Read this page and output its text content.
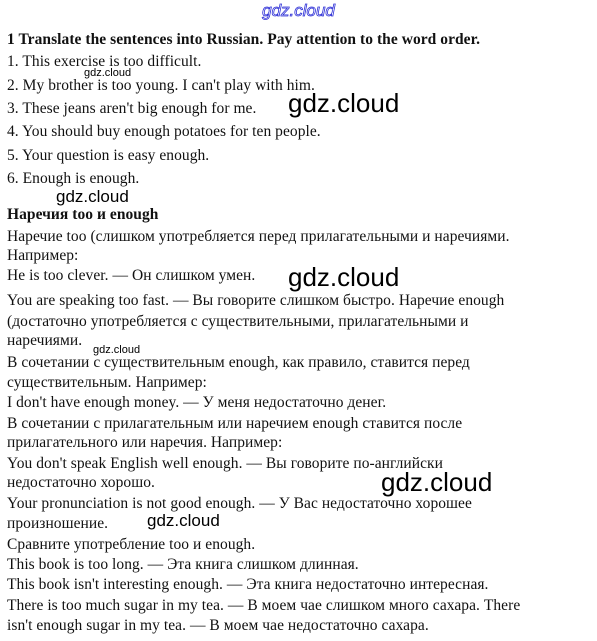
gdz.cloud
1 Translate the sentences into Russian. Pay attention to the word order.
1. This exercise is too difficult.
2. My brother is too young. I can't play with him.
3. These jeans aren't big enough for me.
4. You should buy enough potatoes for ten people.
5. Your question is easy enough.
6. Enough is enough.
Наречия too и enough
Наречие too (слишком употребляется перед прилагательными и наречиями.
Например:
He is too clever. — Он слишком умен.
You are speaking too fast. — Вы говорите слишком быстро. Наречие enough
(достаточно употребляется с существительными, прилагательными и
наречиями.
В сочетании с существительным enough, как правило, ставится перед
существительным. Например:
I don't have enough money. — У меня недостаточно денег.
В сочетании с прилагательным или наречием enough ставится после
прилагательного или наречия. Например:
You don't speak English well enough. — Вы говорите по-английски
недостаточно хорошо.
Your pronunciation is not good enough. — У Вас недостаточно хорошее
произношение.
Сравните употребление too и enough.
This book is too long. — Эта книга слишком длинная.
This book isn't interesting enough. — Эта книга недостаточно интересная.
There is too much sugar in my tea. — В моем чае слишком много сахара. There
isn't enough sugar in my tea. — В моем чае недостаточно сахара.
gdz.cloud
gdz.cloud
gdz.cloud
gdz.cloud
gdz.cloud
gdz.cloud
gdz.cloud
